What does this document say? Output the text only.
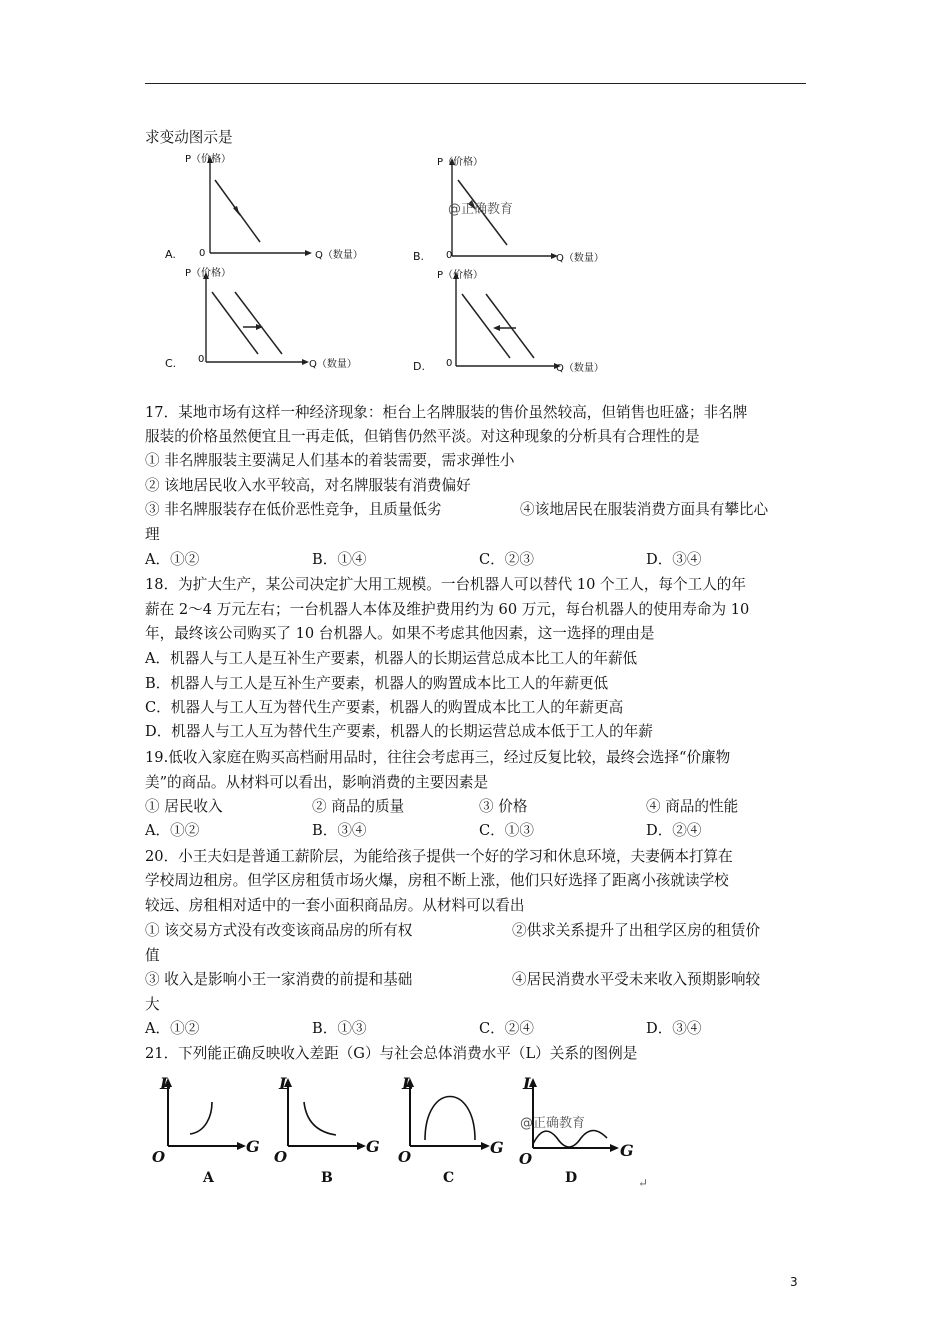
求变动图示是
P（价格）
0	Q（数量）
A.
P（价格）
@正确教育
0	Q（数量）
B.
P（价格）
0	Q（数量）
C.
P（价格）
0	Q（数量）
D.
17．某地市场有这样一种经济现象：柜台上名牌服装的售价虽然较高，但销售也旺盛；非名牌
服装的价格虽然便宜且一再走低，但销售仍然平淡。对这种现象的分析具有合理性的是
① 非名牌服装主要满足人们基本的着装需要，需求弹性小
② 该地居民收入水平较高，对名牌服装有消费偏好
③ 非名牌服装存在低价恶性竞争，且质量低劣	④该地居民在服装消费方面具有攀比心
理
A．①②	B．①④	C．②③	D．③④
18．为扩大生产，某公司决定扩大用工规模。一台机器人可以替代 10 个工人，每个工人的年
薪在 2～4 万元左右；一台机器人本体及维护费用约为 60 万元，每台机器人的使用寿命为 10
年，最终该公司购买了 10 台机器人。如果不考虑其他因素，这一选择的理由是
A．机器人与工人是互补生产要素，机器人的长期运营总成本比工人的年薪低
B．机器人与工人是互补生产要素，机器人的购置成本比工人的年薪更低
C．机器人与工人互为替代生产要素，机器人的购置成本比工人的年薪更高
D．机器人与工人互为替代生产要素，机器人的长期运营总成本低于工人的年薪
19.低收入家庭在购买高档耐用品时，往往会考虑再三，经过反复比较，最终会选择“价廉物
美”的商品。从材料可以看出，影响消费的主要因素是
① 居民收入	② 商品的质量	③ 价格	④ 商品的性能
A．①②	B．③④	C．①③	D．②④
20．小王夫妇是普通工薪阶层，为能给孩子提供一个好的学习和休息环境，夫妻俩本打算在
学校周边租房。但学区房租赁市场火爆，房租不断上涨，他们只好选择了距离小孩就读学校
较远、房租相对适中的一套小面积商品房。从材料可以看出
① 该交易方式没有改变该商品房的所有权	②供求关系提升了出租学区房的租赁价
值
③ 收入是影响小王一家消费的前提和基础	④居民消费水平受未来收入预期影响较
大
A．①②	B．①③	C．②④	D．③④
21．下列能正确反映收入差距（G）与社会总体消费水平（L）关系的图例是
L
G
O
A
L
G
O
B
L
G
O
C
L
@正确教育
G
O
D	↵
3
